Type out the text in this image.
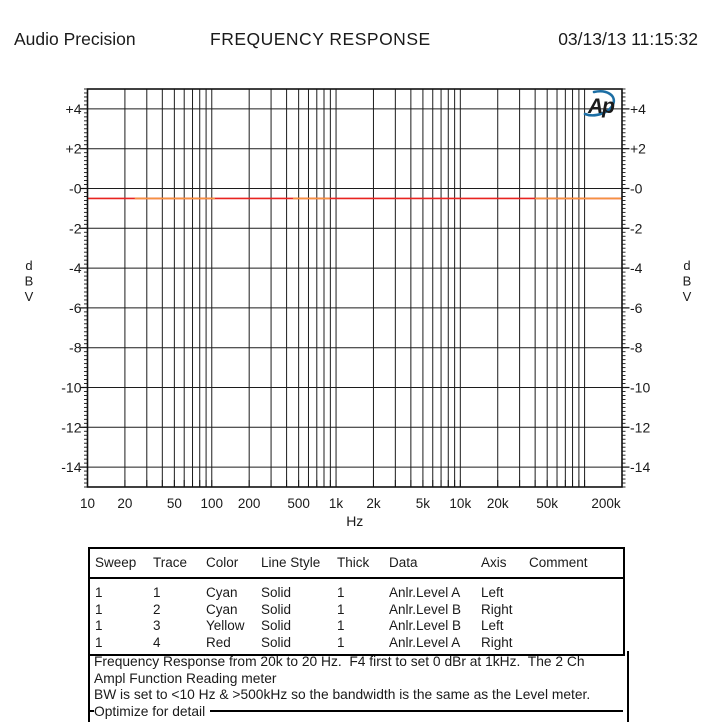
Audio Precision	FREQUENCY RESPONSE	03/13/13 11:15:32
+4
+2
-0
-2
-4
-6
-8
-10
-12
-14
+4
+2
-0
-2
-4
-6
-8
-10
-12
-14
10 20	50 100 200 500 1k 2k	5k 10k 20k 50k 200k
Hz
d
B
V
d
B
V
Ap
Sweep	Trace	Color	Line Style	Thick	Data	Axis	Comment
1	1	Cyan	Solid	1	Anlr.Level A	Left	
1	2	Cyan	Solid	1	Anlr.Level B	Right	
1	3	Yellow	Solid	1	Anlr.Level B	Left	
1	4	Red	Solid	1	Anlr.Level A	Right	
Frequency Response from 20k to 20 Hz.  F4 first to set 0 dBr at 1kHz.  The 2 Ch
Ampl Function Reading meter
BW is set to <10 Hz & >500kHz so the bandwidth is the same as the Level meter.
Optimize for detail
